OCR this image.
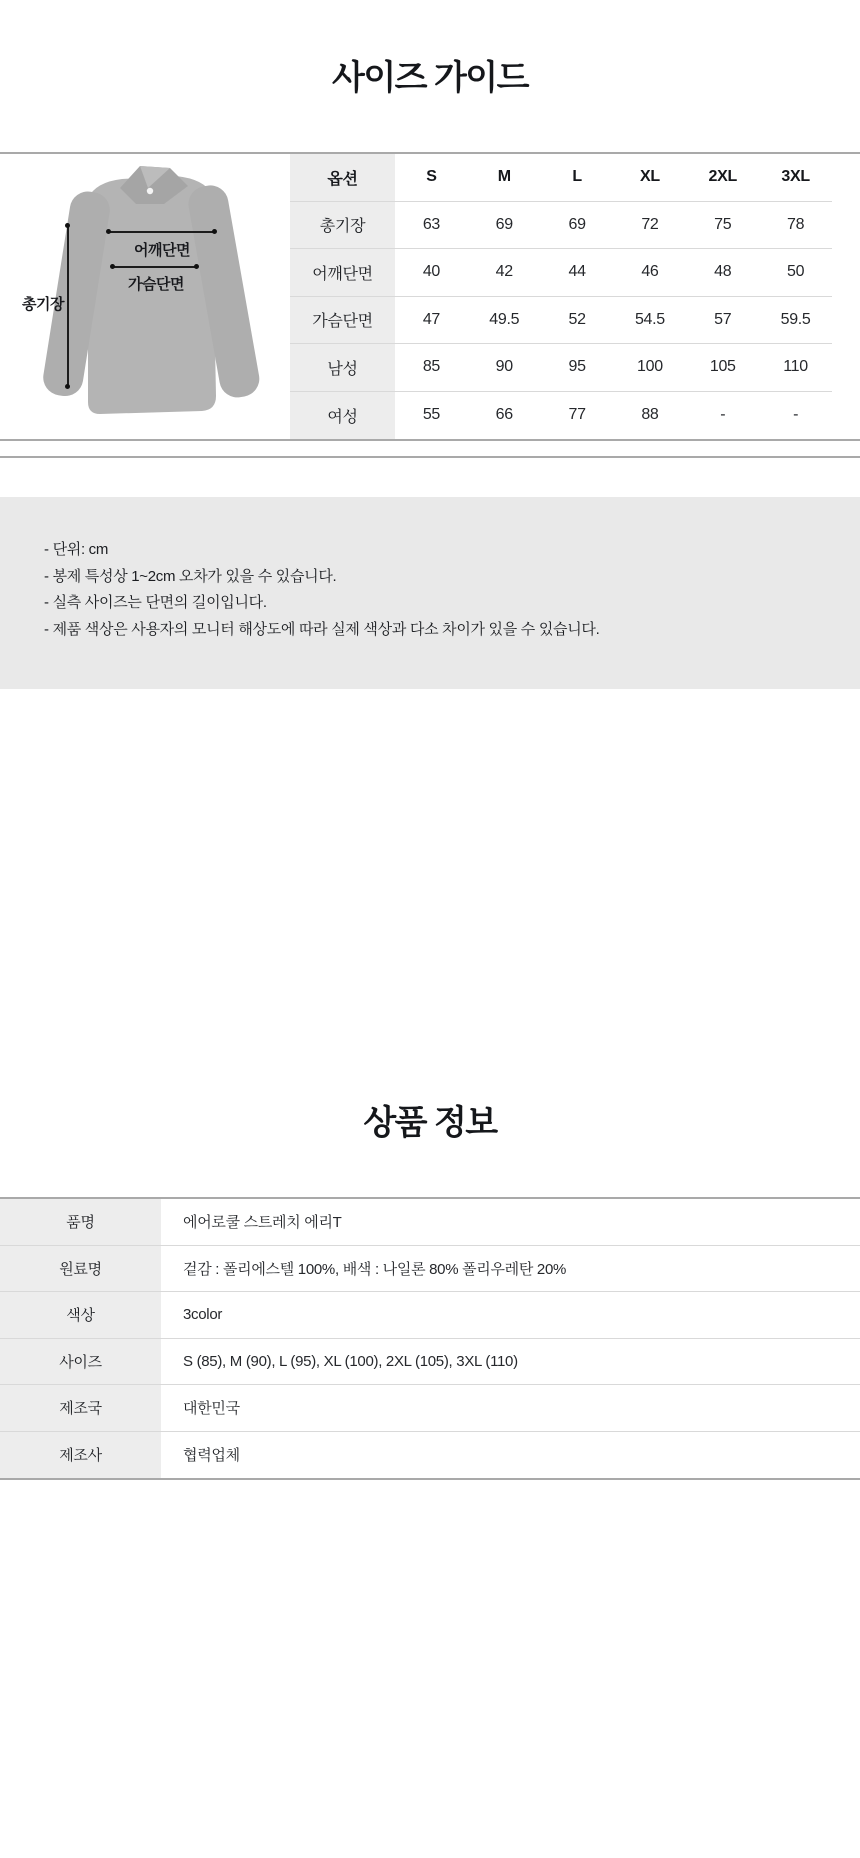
사이즈 가이드
총기장
어깨단면
가슴단면
옵션	S	M	L	XL	2XL	3XL
총기장	63	69	69	72	75	78
어깨단면	40	42	44	46	48	50
가슴단면	47	49.5	52	54.5	57	59.5
남성	85	90	95	100	105	110
여성	55	66	77	88	-	-
- 단위: cm
- 봉제 특성상 1~2cm 오차가 있을 수 있습니다.
- 실측 사이즈는 단면의 길이입니다.
- 제품 색상은 사용자의 모니터 해상도에 따라 실제 색상과 다소 차이가 있을 수 있습니다.
상품 정보
품명	에어로쿨 스트레치 에리T
원료명	겉감 : 폴리에스텔 100%, 배색 : 나일론 80% 폴리우레탄 20%
색상	3color
사이즈	S (85), M (90), L (95), XL (100), 2XL (105), 3XL (110)
제조국	대한민국
제조사	협력업체
